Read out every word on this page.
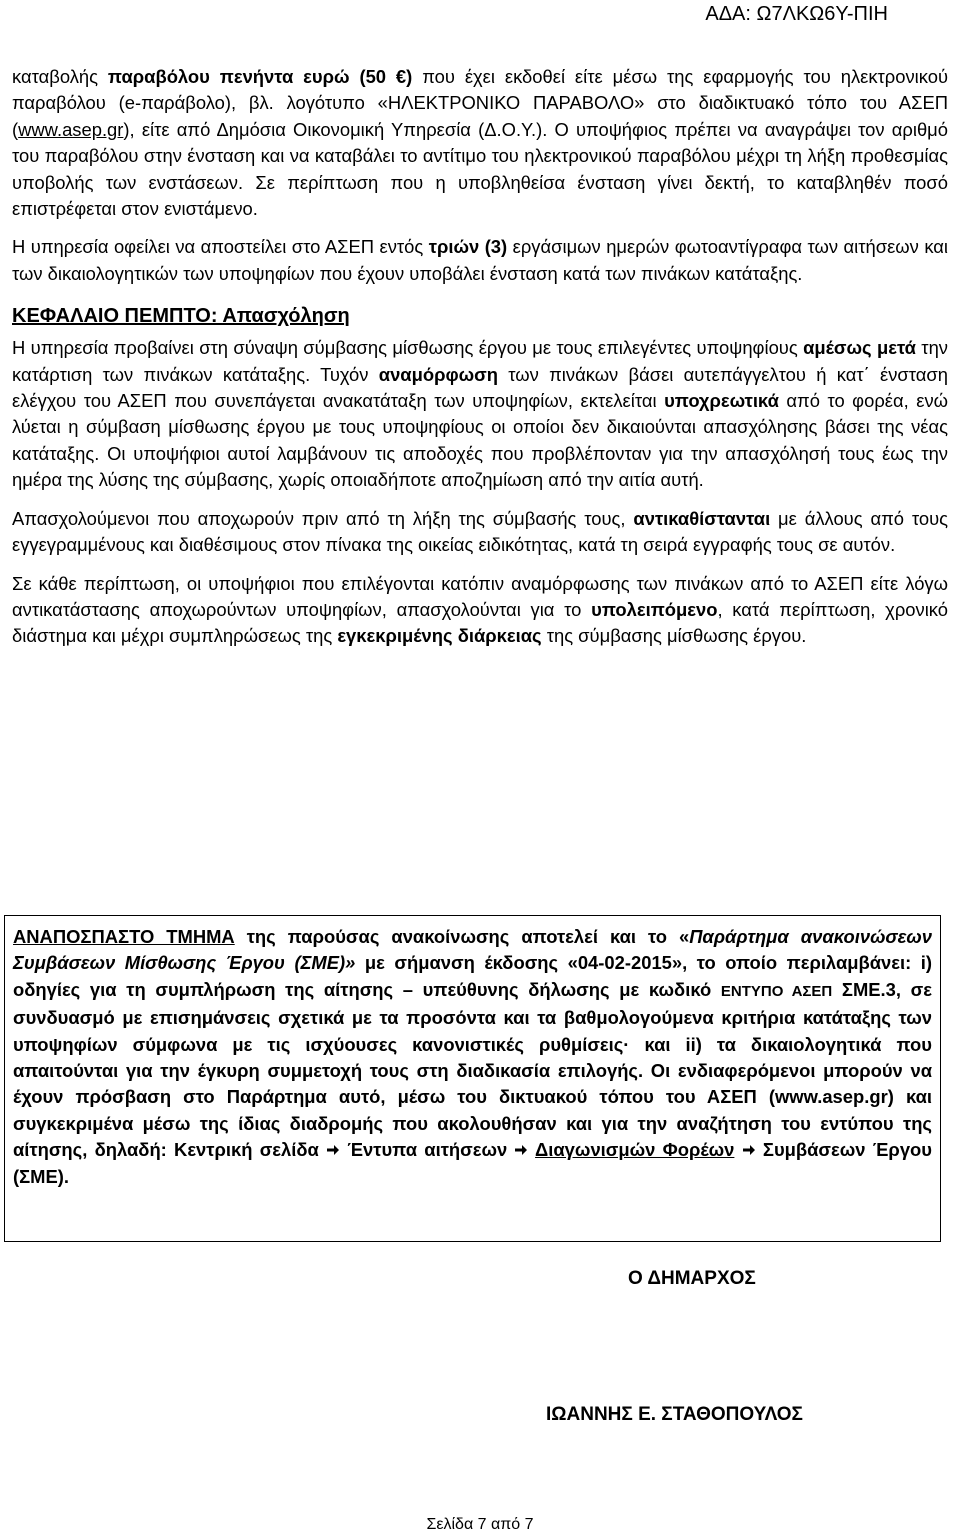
ΑΔΑ: Ω7ΛΚΩ6Υ-ΠΙΗ

καταβολής παραβόλου πενήντα ευρώ (50 €) που έχει εκδοθεί είτε μέσω της εφαρμογής του ηλεκτρονικού παραβόλου (e-παράβολο), βλ. λογότυπο «ΗΛΕΚΤΡΟΝΙΚΟ ΠΑΡΑΒΟΛΟ» στο διαδικτυακό τόπο του ΑΣΕΠ (www.asep.gr), είτε από Δημόσια Οικονομική Υπηρεσία (Δ.Ο.Υ.). Ο υποψήφιος πρέπει να αναγράψει τον αριθμό του παραβόλου στην ένσταση και να καταβάλει το αντίτιμο του ηλεκτρονικού παραβόλου μέχρι τη λήξη προθεσμίας υποβολής των ενστάσεων. Σε περίπτωση που η υποβληθείσα ένσταση γίνει δεκτή, το καταβληθέν ποσό επιστρέφεται στον ενιστάμενο.

Η υπηρεσία οφείλει να αποστείλει στο ΑΣΕΠ εντός τριών (3) εργάσιμων ημερών φωτοαντίγραφα των αιτήσεων και των δικαιολογητικών των υποψηφίων που έχουν υποβάλει ένσταση κατά των πινάκων κατάταξης.

ΚΕΦΑΛΑΙΟ ΠΕΜΠΤΟ: Απασχόληση

Η υπηρεσία προβαίνει στη σύναψη σύμβασης μίσθωσης έργου με τους επιλεγέντες υποψηφίους αμέσως μετά την κατάρτιση των πινάκων κατάταξης. Τυχόν αναμόρφωση των πινάκων βάσει αυτεπάγγελτου ή κατ΄ ένσταση ελέγχου του ΑΣΕΠ που συνεπάγεται ανακατάταξη των υποψηφίων, εκτελείται υποχρεωτικά από το φορέα, ενώ λύεται η σύμβαση μίσθωσης έργου με τους υποψηφίους οι οποίοι δεν δικαιούνται απασχόλησης βάσει της νέας κατάταξης. Οι υποψήφιοι αυτοί λαμβάνουν τις αποδοχές που προβλέπονταν για την απασχόλησή τους έως την ημέρα της λύσης της σύμβασης, χωρίς οποιαδήποτε αποζημίωση από την αιτία αυτή.

Απασχολούμενοι που αποχωρούν πριν από τη λήξη της σύμβασής τους, αντικαθίστανται με άλλους από τους εγγεγραμμένους και διαθέσιμους στον πίνακα της οικείας ειδικότητας, κατά τη σειρά εγγραφής τους σε αυτόν.

Σε κάθε περίπτωση, οι υποψήφιοι που επιλέγονται κατόπιν αναμόρφωσης των πινάκων από το ΑΣΕΠ είτε λόγω αντικατάστασης αποχωρούντων υποψηφίων, απασχολούνται για το υπολειπόμενο, κατά περίπτωση, χρονικό διάστημα και μέχρι συμπληρώσεως της εγκεκριμένης διάρκειας της σύμβασης μίσθωσης έργου.

ΑΝΑΠΟΣΠΑΣΤΟ ΤΜΗΜΑ της παρούσας ανακοίνωσης αποτελεί και το «Παράρτημα ανακοινώσεων Συμβάσεων Μίσθωσης Έργου (ΣΜΕ)» με σήμανση έκδοσης «04-02-2015», το οποίο περιλαμβάνει: i) οδηγίες για τη συμπλήρωση της αίτησης – υπεύθυνης δήλωσης με κωδικό ΕΝΤΥΠΟ ΑΣΕΠ ΣΜΕ.3, σε συνδυασμό με επισημάνσεις σχετικά με τα προσόντα και τα βαθμολογούμενα κριτήρια κατάταξης των υποψηφίων σύμφωνα με τις ισχύουσες κανονιστικές ρυθμίσεις· και ii) τα δικαιολογητικά που απαιτούνται για την έγκυρη συμμετοχή τους στη διαδικασία επιλογής. Οι ενδιαφερόμενοι μπορούν να έχουν πρόσβαση στο Παράρτημα αυτό, μέσω του δικτυακού τόπου του ΑΣΕΠ (www.asep.gr) και συγκεκριμένα μέσω της ίδιας διαδρομής που ακολουθήσαν και για την αναζήτηση του εντύπου της αίτησης, δηλαδή: Κεντρική σελίδα  Έντυπα αιτήσεων  Διαγωνισμών Φορέων Συμβάσεων Έργου (ΣΜΕ).
Ο ΔΗΜΑΡΧΟΣ
ΙΩΑΝΝΗΣ Ε. ΣΤΑΘΟΠΟΥΛΟΣ
Σελίδα 7 από 7
